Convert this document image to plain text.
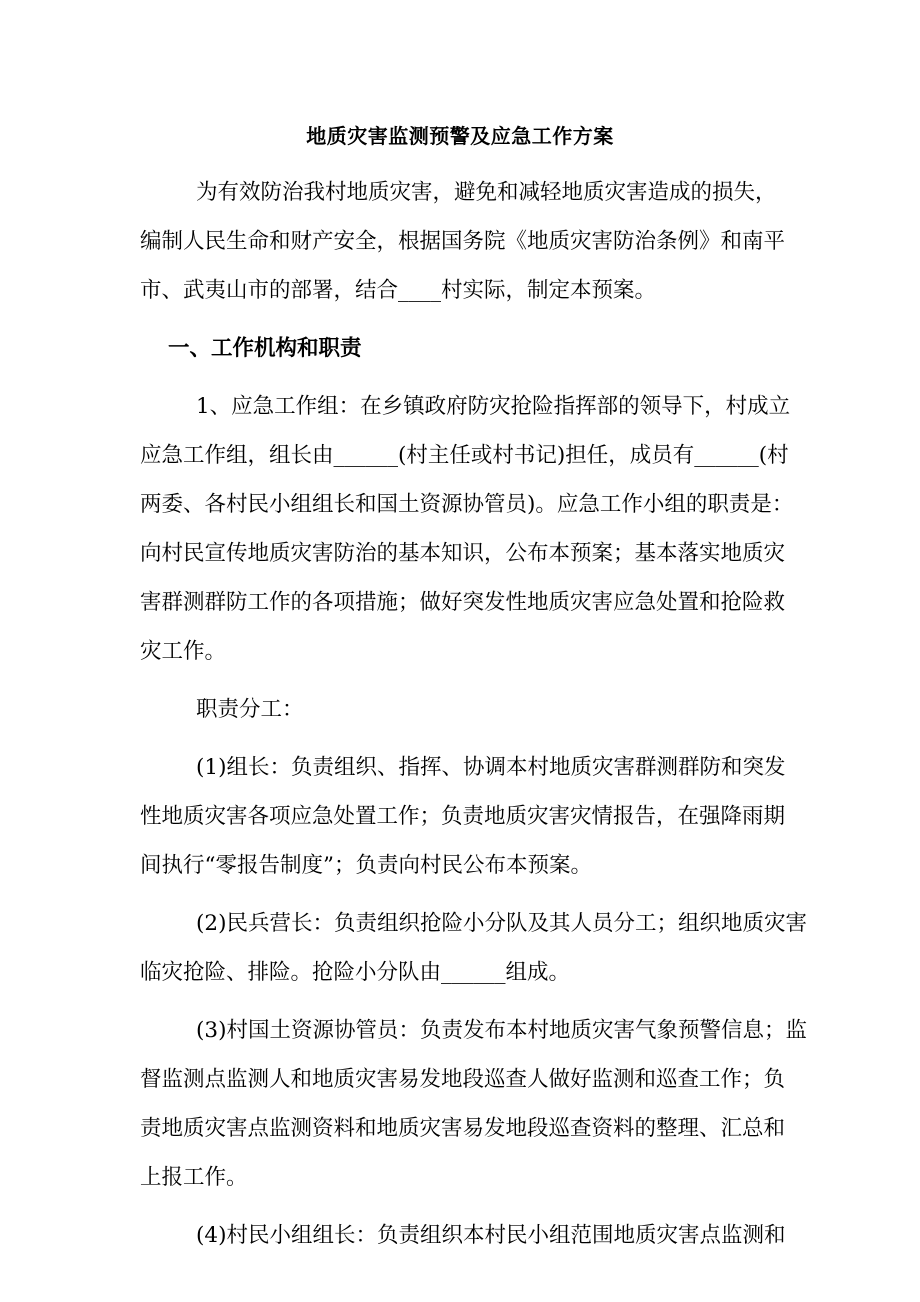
地质灾害监测预警及应急工作方案
为有效防治我村地质灾害，避免和减轻地质灾害造成的损失，
编制人民生命和财产安全，根据国务院《地质灾害防治条例》和南平
市、武夷山市的部署，结合____村实际，制定本预案。
一、工作机构和职责
1、应急工作组：在乡镇政府防灾抢险指挥部的领导下，村成立
应急工作组，组长由______(村主任或村书记)担任，成员有______(村
两委、各村民小组组长和国土资源协管员)。应急工作小组的职责是：
向村民宣传地质灾害防治的基本知识，公布本预案；基本落实地质灾
害群测群防工作的各项措施；做好突发性地质灾害应急处置和抢险救
灾工作。
职责分工：
(1)组长：负责组织、指挥、协调本村地质灾害群测群防和突发
性地质灾害各项应急处置工作；负责地质灾害灾情报告，在强降雨期
间执行“零报告制度”；负责向村民公布本预案。
(2)民兵营长：负责组织抢险小分队及其人员分工；组织地质灾害
临灾抢险、排险。抢险小分队由______组成。
(3)村国土资源协管员：负责发布本村地质灾害气象预警信息；监
督监测点监测人和地质灾害易发地段巡查人做好监测和巡查工作；负
责地质灾害点监测资料和地质灾害易发地段巡查资料的整理、汇总和
上报工作。
(4)村民小组组长：负责组织本村民小组范围地质灾害点监测和
